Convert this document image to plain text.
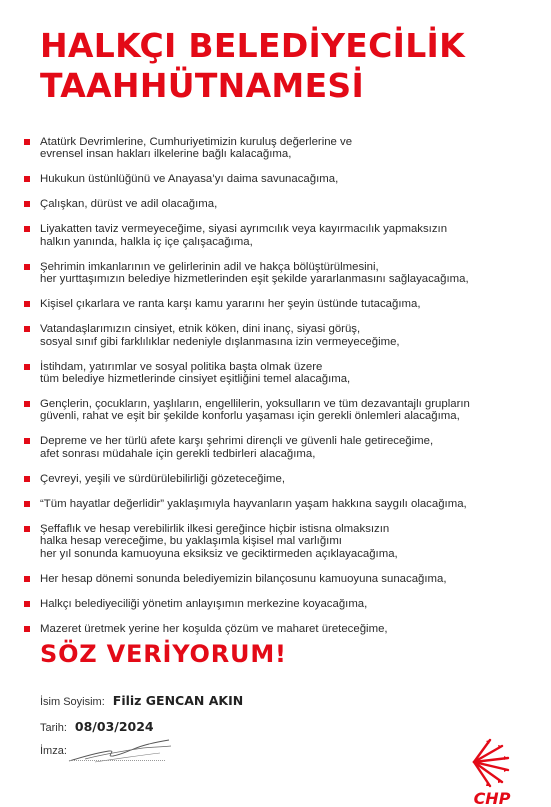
HALKÇI BELEDİYECİLİK TAAHHÜTNAMESİ
Atatürk Devrimlerine, Cumhuriyetimizin kuruluş değerlerine ve
evrensel insan hakları ilkelerine bağlı kalacağıma,
Hukukun üstünlüğünü ve Anayasa’yı daima savunacağıma,
Çalışkan, dürüst ve adil olacağıma,
Liyakatten taviz vermeyeceğime, siyasi ayrımcılık veya kayırmacılık yapmaksızın
halkın yanında, halkla iç içe çalışacağıma,
Şehrimin imkanlarının ve gelirlerinin adil ve hakça bölüştürülmesini,
her yurttaşımızın belediye hizmetlerinden eşit şekilde yararlanmasını sağlayacağıma,
Kişisel çıkarlara ve ranta karşı kamu yararını her şeyin üstünde tutacağıma,
Vatandaşlarımızın cinsiyet, etnik köken, dini inanç, siyasi görüş,
sosyal sınıf gibi farklılıklar nedeniyle dışlanmasına izin vermeyeceğime,
İstihdam, yatırımlar ve sosyal politika başta olmak üzere
tüm belediye hizmetlerinde cinsiyet eşitliğini temel alacağıma,
Gençlerin, çocukların, yaşlıların, engellilerin, yoksulların ve tüm dezavantajlı grupların
güvenli, rahat ve eşit bir şekilde konforlu yaşaması için gerekli önlemleri alacağıma,
Depreme ve her türlü afete karşı şehrimi dirençli ve güvenli hale getireceğime,
afet sonrası müdahale için gerekli tedbirleri alacağıma,
Çevreyi, yeşili ve sürdürülebilirliği gözeteceğime,
“Tüm hayatlar değerlidir” yaklaşımıyla hayvanların yaşam hakkına saygılı olacağıma,
Şeffaflık ve hesap verebilirlik ilkesi gereğince hiçbir istisna olmaksızın
halka hesap vereceğime, bu yaklaşımla kişisel mal varlığımı
her yıl sonunda kamuoyuna eksiksiz ve geciktirmeden açıklayacağıma,
Her hesap dönemi sonunda belediyemizin bilançosunu kamuoyuna sunacağıma,
Halkçı belediyeciliği yönetim anlayışımın merkezine koyacağıma,
Mazeret üretmek yerine her koşulda çözüm ve maharet üreteceğime,
SÖZ VERİYORUM!
İsim Soyisim: Filiz GENCAN AKIN
Tarih: 08/03/2024
İmza:
CHP
